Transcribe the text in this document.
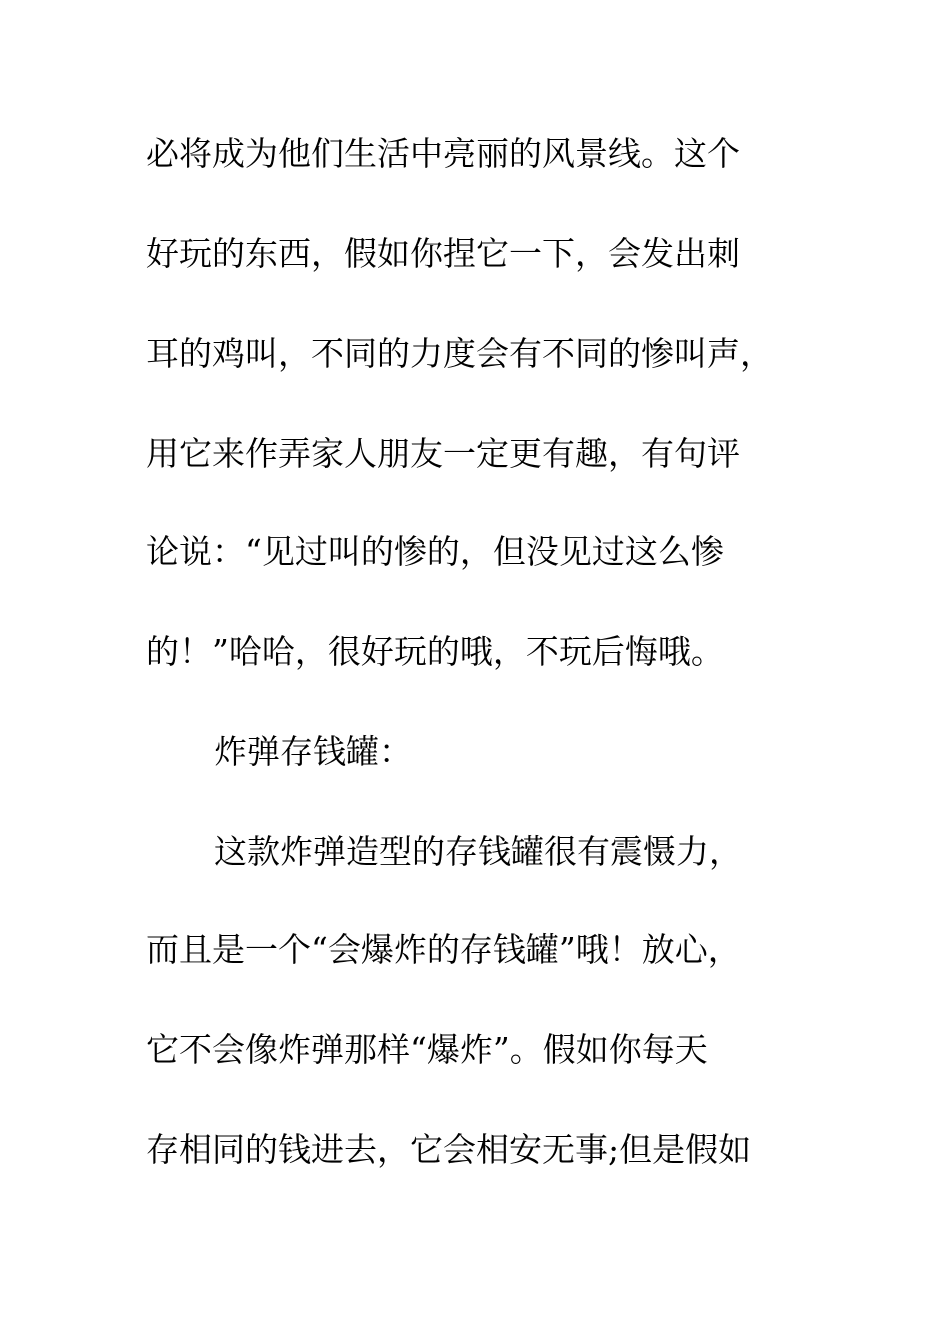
必将成为他们生活中亮丽的风景线。这个
好玩的东西，假如你捏它一下，会发出刺
耳的鸡叫，不同的力度会有不同的惨叫声，
用它来作弄家人朋友一定更有趣，有句评
论说：“见过叫的惨的，但没见过这么惨
的！”哈哈，很好玩的哦，不玩后悔哦。
炸弹存钱罐：
这款炸弹造型的存钱罐很有震慑力，
而且是一个“会爆炸的存钱罐”哦！放心，
它不会像炸弹那样“爆炸”。假如你每天
存相同的钱进去，它会相安无事;但是假如
